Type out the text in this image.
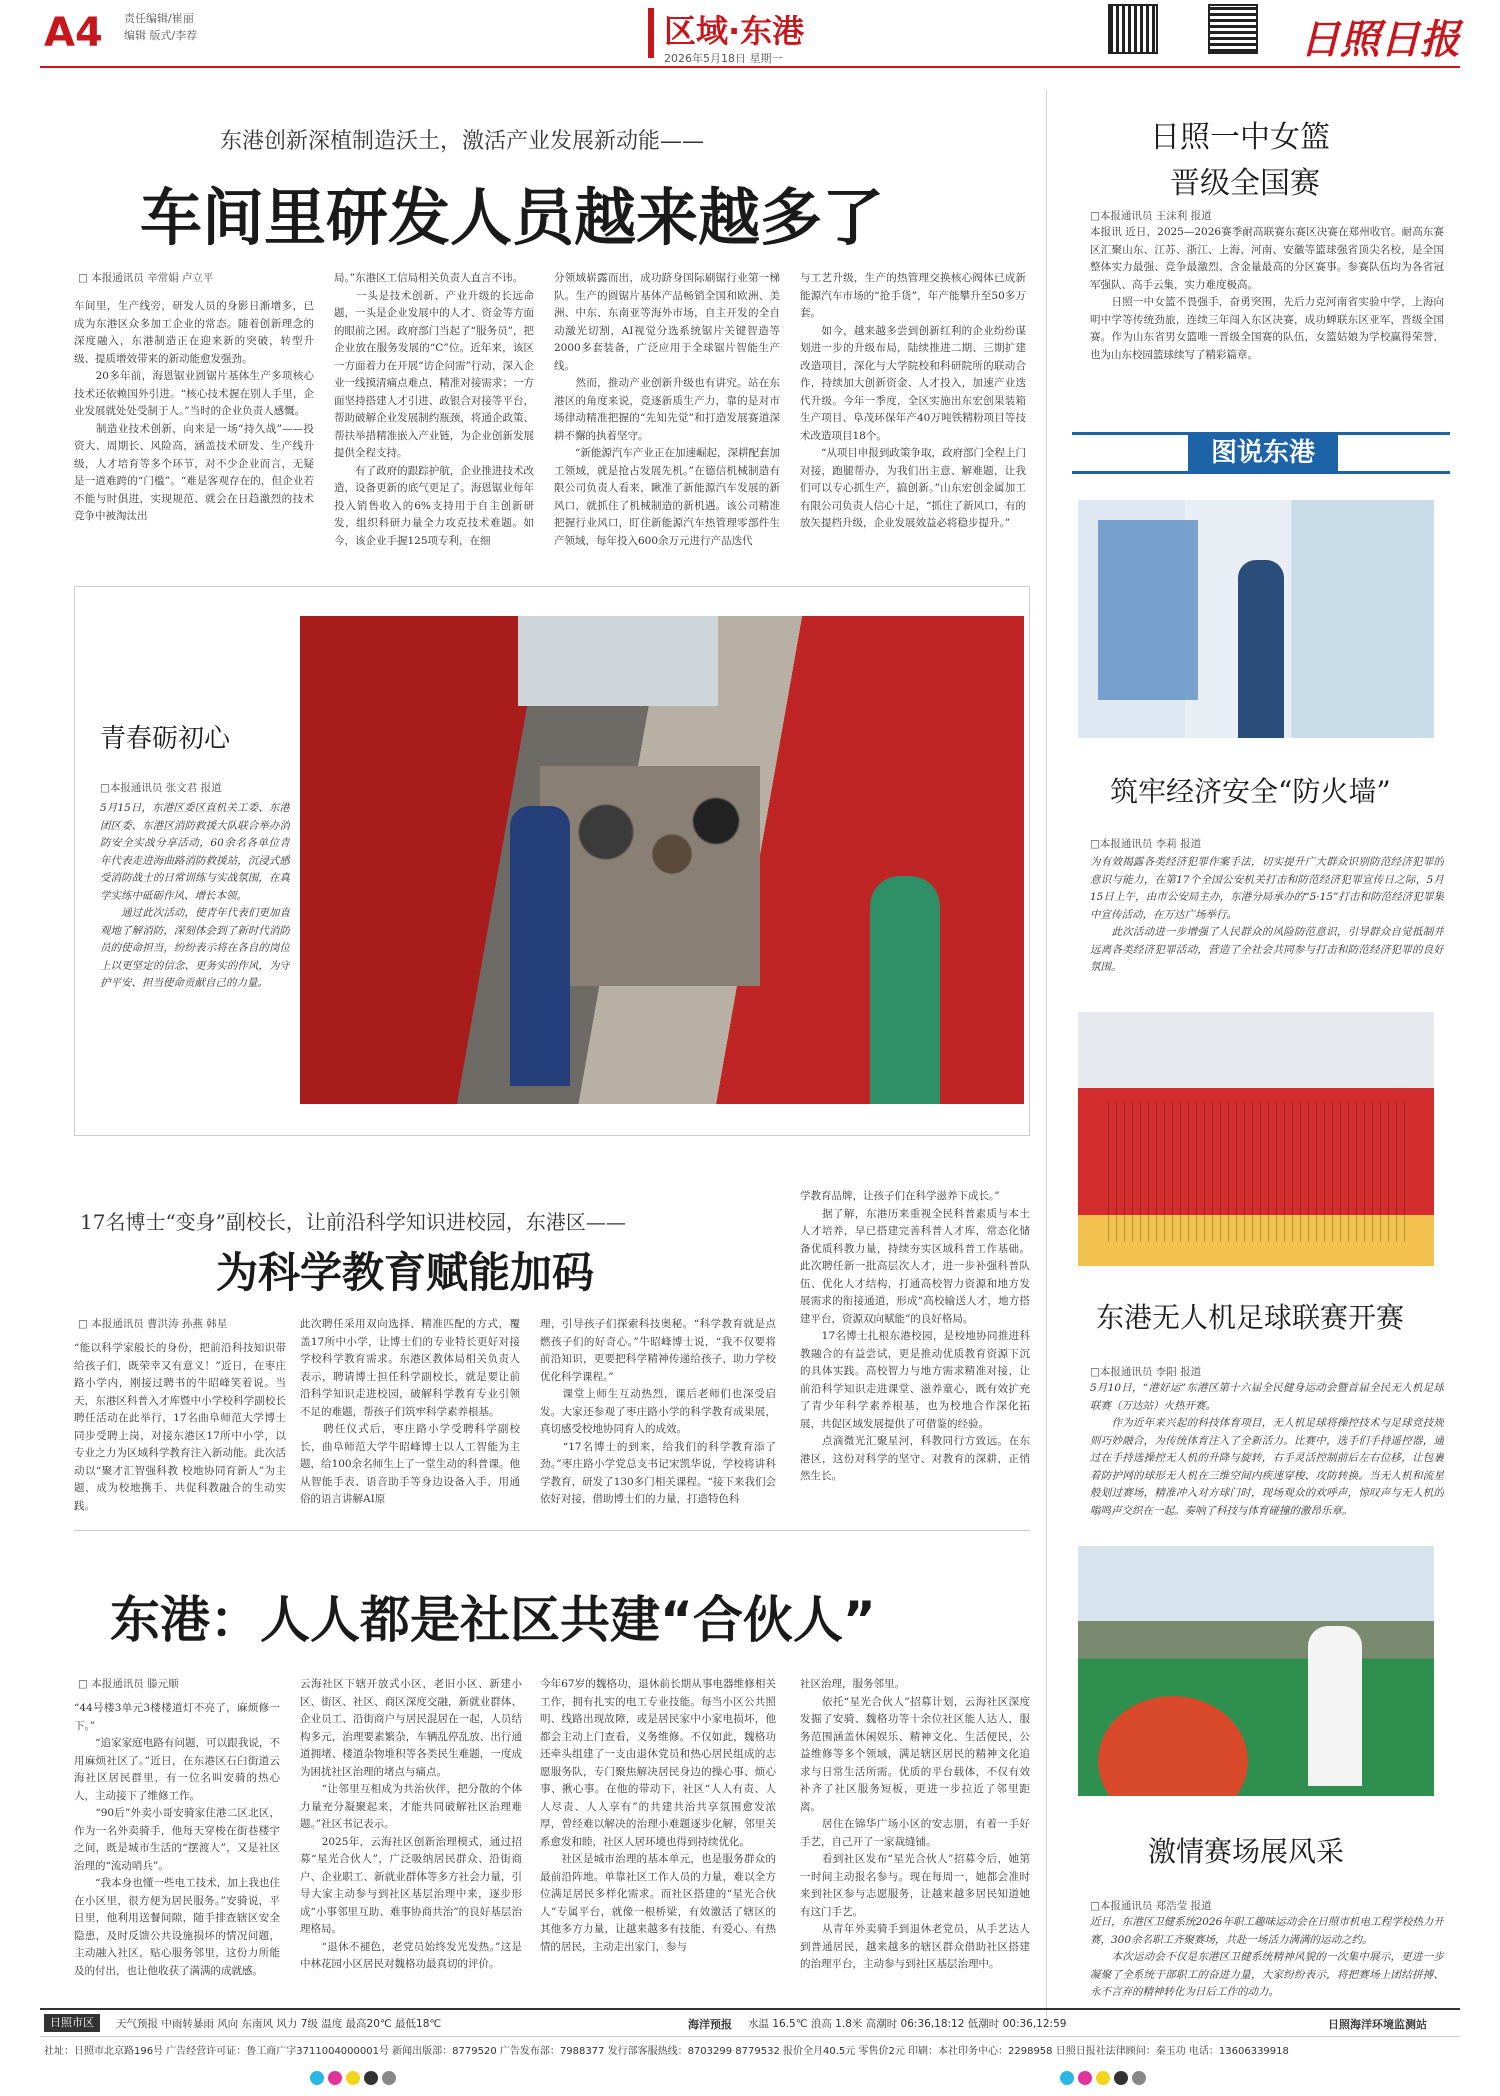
A4 责任编辑/崔丽
编辑 版式/李荐	区域·东港
2026年5月18日 星期一	日照日报
东港创新深植制造沃土，激活产业发展新动能——
车间里研发人员越来越多了
□ 本报通讯员 辛常娟 卢立平
车间里，生产线旁，研发人员的身影日渐增多，已成为东港区众多加工企业的常态。随着创新理念的深度融入，东港制造正在迎来新的突破，转型升级、提质增效带来的新动能愈发强劲。
　　20多年前，海恩锯业圆锯片基体生产多项核心技术还依赖国外引进。“核心技术握在别人手里，企业发展就处处受制于人。”当时的企业负责人感慨。
　　制造业技术创新，向来是一场“持久战”——投资大、周期长、风险高，涵盖技术研发、生产线升级，人才培育等多个环节，对不少企业而言，无疑是一道难跨的“门槛”。“难是客观存在的，但企业若不能与时俱进，实现规范、就会在日趋激烈的技术竞争中被淘汰出
局。”东港区工信局相关负责人直言不讳。
　　一头是技术创新、产业升级的长远命题，一头是企业发展中的人才、资金等方面的眼前之困。政府部门当起了“服务员”，把企业放在服务发展的“C”位。近年来，该区一方面着力在开展“访企问需”行动，深入企业一线摸清痛点难点，精准对接需求；一方面坚持搭建人才引进、政银合对接等平台，帮助破解企业发展制约瓶颈，将通企政策、帮扶举措精准嵌入产业链，为企业创新发展提供全程支持。
　　有了政府的跟踪护航，企业推进技术改造，设备更新的底气更足了。海恩锯业每年投入销售收入的6%支持用于自主创新研发，组织科研力量全力攻克技术难题。如今，该企业手握125项专利，在细
分领域崭露而出，成功跻身国际刷锯行业第一梯队。生产的圆锯片基体产品畅销全国和欧洲、美洲、中东、东南亚等海外市场，自主开发的全自动激光切割，AI视觉分选系统锯片关键智造等2000多套装备，广泛应用于全球锯片智能生产线。
　　然而，推动产业创新升级也有讲究。站在东港区的角度来说，竞逐新质生产力，靠的是对市场律动精准把握的“先知先觉”和打造发展赛道深耕不懈的执着坚守。
　　“新能源汽车产业正在加速崛起，深耕配套加工领域，就是抢占发展先机。”在德信机械制造有限公司负责人看来，瞅准了新能源汽车发展的新风口，就抓住了机械制造的新机遇。该公司精准把握行业风口，盯住新能源汽车热管理零部件生产领域，每年投入600余万元进行产品迭代
与工艺升级，生产的热管理交换核心阀体已成新能源汽车市场的“抢手货”，年产能攀升至50多万套。
　　如今，越来越多尝到创新红利的企业纷纷谋划进一步的升级布局，陆续推进二期、三期扩建改造项目，深化与大学院校和科研院所的联动合作，持续加大创新资金、人才投入，加速产业迭代升级。今年一季度，全区实施出东宏创果装箱生产项目、阜茂环保年产40万吨铁精粉项目等技术改造项目18个。
　　“从项目申报到政策争取，政府部门全程上门对接，跑腿帮办，为我们出主意、解难题，让我们可以专心抓生产，搞创新。”山东宏创金属加工有限公司负责人信心十足，“抓住了新风口，有的放矢提档升级，企业发展效益必将稳步提升。”
青春砺初心
□本报通讯员 张文君 报道
5月15日，东港区委区直机关工委、东港团区委、东港区消防救援大队联合举办消防安全实战分享活动，60余名各单位青年代表走进海曲路消防救援站，沉浸式感受消防战士的日常训练与实战氛围，在真学实练中砥砺作风、增长本领。
　　通过此次活动，使青年代表们更加直观地了解消防，深刻体会到了新时代消防员的使命担当，纷纷表示将在各自的岗位上以更坚定的信念、更务实的作风，为守护平安、担当使命贡献自己的力量。
17名博士“变身”副校长，让前沿科学知识进校园，东港区——
为科学教育赋能加码
□ 本报通讯员 曹洪涛 孙燕 韩星
“能以科学家般长的身份，把前沿科技知识带给孩子们，既荣幸又有意义！”近日，在枣庄路小学内，刚接过聘书的牛昭峰笑着说。当天，东港区科普入才库暨中小学校科学副校长聘任活动在此举行，17名曲阜师范大学博士同步受聘上岗，对接东港区17所中小学，以专业之力为区域科学教育注入新动能。此次活动以“聚才汇智强科教 校地协同育新人”为主题，成为校地携手、共促科教融合的生动实践。
此次聘任采用双向选择、精准匹配的方式，覆盖17所中小学，让博士们的专业特长更好对接学校科学教育需求。东港区教体局相关负责人表示，聘请博士担任科学副校长，就是要让前沿科学知识走进校园，破解科学教育专业引领不足的难题，帮孩子们筑牢科学素养根基。
　　聘任仪式后，枣庄路小学受聘科学副校长，曲阜师范大学牛昭峰博士以人工智能为主题，给100余名师生上了一堂生动的科普课。他从智能手表、语音助手等身边设备入手，用通俗的语言讲解AI原
理，引导孩子们探索科技奥秘。“科学教育就是点燃孩子们的好奇心。”牛昭峰博士说，“我不仅要将前沿知识，更要把科学精神传递给孩子，助力学校优化科学课程。”
　　课堂上师生互动热烈，课后老师们也深受启发。大家还参观了枣庄路小学的科学教育成果展，真切感受校地协同育人的成效。
　　“17名博士的到来，给我们的科学教育添了劲。”枣庄路小学党总支书记宋凯华说，学校将讲科学教育，研发了130多门相关课程。“接下来我们会依好对接，借助博士们的力量，打造特色科
学教育品牌，让孩子们在科学滋养下成长。”
　　据了解，东港历来重视全民科普素质与本土人才培养，早已搭建完善科普人才库，常态化储备优质科教力量，持续夯实区域科普工作基础。此次聘任新一批高层次人才，进一步补强科普队伍、优化人才结构，打通高校智力资源和地方发展需求的衔接通道，形成“高校输送人才，地方搭建平台，资源双向赋能”的良好格局。
　　17名博士扎根东港校园，是校地协同推进科教融合的有益尝试，更是推动优质教育资源下沉的具体实践。高校智力与地方需求精准对接，让前沿科学知识走进课堂、滋养童心，既有效扩充了青少年科学素养根基，也为校地合作深化拓展，共促区域发展提供了可借鉴的经验。
　　点滴微光汇聚星河，科教同行方致远。在东港区，这份对科学的坚守、对教育的深耕，正悄然生长。
东港：人人都是社区共建“合伙人”
□ 本报通讯员 滕元顺
“44号楼3单元3楼楼道灯不亮了，麻烦修一下。”
　　“追家家庭电路有问题，可以跟我说，不用麻烦社区了。”近日，在东港区石臼街道云海社区居民群里，有一位名叫安骑的热心人，主动接下了维修工作。
　　“90后”外卖小哥安骑家住港二区北区，作为一名外卖骑手，他每天穿梭在街巷楼宇之间，既是城市生活的“摆渡人”，又是社区治理的“流动哨兵”。
　　“我本身也懂一些电工技术，加上我也住在小区里，很方便为居民服务。”安骑说，平日里，他利用送餐间隙，随手排查辖区安全隐患，及时反馈公共设施损坏的情况问题，主动融入社区，贴心服务邻里，这份力所能及的付出，也让他收获了满满的成就感。
云海社区下辖开放式小区，老旧小区、新建小区、街区、社区、商区深度交融，新就业群体、企业员工、沿街商户与居民混居在一起，人员结构多元，治理要素繁杂，车辆乱停乱放、出行通道拥堵、楼道杂物堆积等各类民生难题，一度成为困扰社区治理的堵点与痛点。
　　“让邻里互相成为共治伙伴，把分散的个体力量充分凝聚起来，才能共同破解社区治理难题。”社区书记表示。
　　2025年，云海社区创新治理模式，通过招募“星光合伙人”，广泛吸纳居民群众、沿街商户、企业职工、新就业群体等多方社会力量，引导大家主动参与到社区基层治理中来，逐步形成“小事邻里互助、难事协商共治”的良好基层治理格局。
　　“退休不褪色，老党员始终发光发热。”这是中林花园小区居民对魏格功最真切的评价。
今年67岁的魏格功，退休前长期从事电器维修相关工作，拥有扎实的电工专业技能。每当小区公共照明、线路出现故障，或是居民家中小家电损坏，他都会主动上门查看，义务维修。不仅如此，魏格功还牵头组建了一支由退休党员和热心居民组成的志愿服务队，专门聚焦解决居民身边的操心事、烦心事、揪心事。在他的带动下，社区“人人有责、人人尽责、人人享有”的共建共治共享氛围愈发浓厚，曾经难以解决的治理小难题逐步化解，邻里关系愈发和睦，社区人居环境也得到持续优化。
　　社区是城市治理的基本单元，也是服务群众的最前沿阵地。单靠社区工作人员的力量，难以全方位满足居民多样化需求。而社区搭建的“星光合伙人”专属平台，就像一根桥梁，有效激活了辖区的其他多方力量，让越来越多有技能、有爱心、有热情的居民，主动走出家门，参与
社区治理，服务邻里。
　　依托“星光合伙人”招募计划，云海社区深度发掘了安骑、魏格功等十余位社区能人达人，服务范围涵盖休闲娱乐、精神文化、生活便民，公益维修等多个领域，满足辖区居民的精神文化追求与日常生活所需。优质的平台载体，不仅有效补齐了社区服务短板，更进一步拉近了邻里距离。
　　居住在锦华广场小区的安志朋，有着一手好手艺，自己开了一家裁缝铺。
　　看到社区发布“星光合伙人”招募令后，她第一时间主动报名参与。现在每周一，她都会准时来到社区参与志愿服务，让越来越多居民知道她有这门手艺。
　　从青年外卖骑手到退休老党员，从手艺达人到普通居民，越来越多的辖区群众借助社区搭建的治理平台，主动参与到社区基层治理中。
日照一中女篮
晋级全国赛
□本报通讯员 王沫利 报道
本报讯 近日，2025—2026赛季耐高联赛东赛区决赛在郑州收官。耐高东赛区汇聚山东、江苏、浙江、上海、河南、安徽等篮球强省顶尖名校，是全国整体实力最强、竞争最激烈、含金量最高的分区赛事。参赛队伍均为各省冠军强队、高手云集，实力难度极高。
　　日照一中女篮不畏强手，奋勇突围，先后力克河南省实验中学，上海向明中学等传统劲旅，连续三年闯入东区决赛，成功蝉联东区亚军，晋级全国赛。作为山东省男女篮唯一晋级全国赛的队伍，女篮姑娘为学校赢得荣誉，也为山东校园篮球续写了精彩篇章。
图说东港
筑牢经济安全“防火墙”
□本报通讯员 李莉 报道
为有效揭露各类经济犯罪作案手法，切实提升广大群众识别防范经济犯罪的意识与能力，在第17个全国公安机关打击和防范经济犯罪宣传日之际，5月15日上午，由市公安局主办，东港分局承办的“5·15”打击和防范经济犯罪集中宣传活动，在万达广场举行。
　　此次活动进一步增强了人民群众的风险防范意识，引导群众自觉抵制并远离各类经济犯罪活动，营造了全社会共同参与打击和防范经济犯罪的良好氛围。
东港无人机足球联赛开赛
□本报通讯员 李阳 报道
5月10日，“港好运”东港区第十六届全民健身运动会暨首届全民无人机足球联赛（万达站）火热开赛。
　　作为近年来兴起的科技体育项目，无人机足球将操控技术与足球竞技规则巧妙融合，为传统体育注入了全新活力。比赛中，选手们手持遥控器，通过在手持选操控无人机的升降与旋转，右手灵活控制前后左右位移，让包裹着防护网的球形无人机在三维空间内疾速穿梭、攻防转换。当无人机和流星般划过赛场，精准冲入对方球门时，现场观众的欢呼声，惊叹声与无人机的嗡鸣声交织在一起。奏响了科技与体育碰撞的激昂乐章。
激情赛场展风采
□本报通讯员 郑浩莹 报道
近日，东港区卫健系统2026年职工趣味运动会在日照市机电工程学校热力开赛，300余名职工齐聚赛场，共赴一场活力满满的运动之约。
　　本次运动会不仅是东港区卫健系统精神风貌的一次集中展示，更进一步凝聚了全系统干部职工的奋进力量，大家纷纷表示，将把赛场上团结拼搏、永不言弃的精神转化为日后工作的动力。
日照市区	天气预报 中雨转暴雨 风向 东南风 风力 7级 温度 最高20℃ 最低18℃	海洋预报 水温 16.5℃ 浪高 1.8米 高潮时 06:36,18:12 低潮时 00:36,12:59	日照海洋环境监测站
社址：日照市北京路196号 广告经营许可证：鲁工商广字3711004000001号 新闻出版部：8779520 广告发布部：7988377 发行部客服热线：8703299 8779532 报价全月40.5元 零售价2元 印刷：本社印务中心：2298958 日照日报社法律顾问：秦玉功 电话：13606339918
